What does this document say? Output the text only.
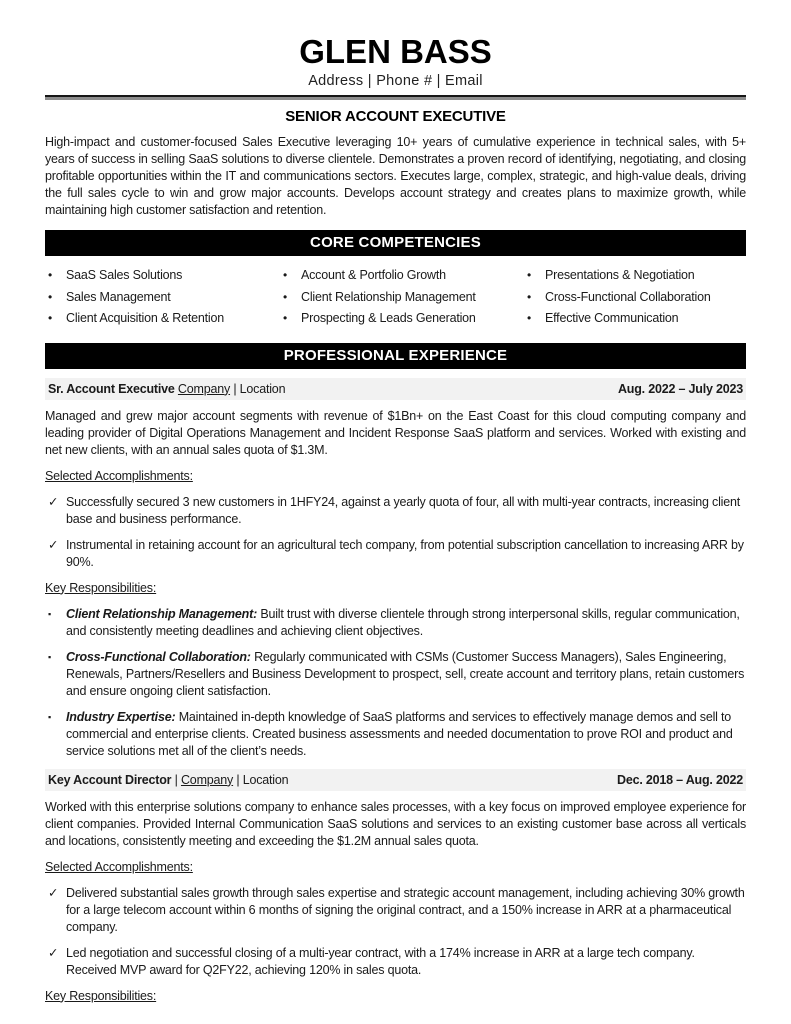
GLEN BASS
Address | Phone # | Email
SENIOR ACCOUNT EXECUTIVE

High-impact and customer-focused Sales Executive leveraging 10+ years of cumulative experience in technical sales, with 5+ years of success in selling SaaS solutions to diverse clientele. Demonstrates a proven record of identifying, negotiating, and closing profitable opportunities within the IT and communications sectors. Executes large, complex, strategic, and high-value deals, driving the full sales cycle to win and grow major accounts. Develops account strategy and creates plans to maximize growth, while maintaining high customer satisfaction and retention.

CORE COMPETENCIES
•	SaaS Sales Solutions
•	Sales Management
•	Client Acquisition & Retention
•	Account & Portfolio Growth
•	Client Relationship Management
•	Prospecting & Leads Generation
•	Presentations & Negotiation
•	Cross-Functional Collaboration
•	Effective Communication
PROFESSIONAL EXPERIENCE
Sr. Account Executive Company | Location	Aug. 2022 – July 2023

Managed and grew major account segments with revenue of $1Bn+ on the East Coast for this cloud computing company and leading provider of Digital Operations Management and Incident Response SaaS platform and services. Worked with existing and net new clients, with an annual sales quota of $1.3M.

Selected Accomplishments:
✓ Successfully secured 3 new customers in 1HFY24, against a yearly quota of four, all with multi-year contracts, increasing client base and business performance.
✓ Instrumental in retaining account for an agricultural tech company, from potential subscription cancellation to increasing ARR by 90%.
Key Responsibilities:
▪	Client Relationship Management: Built trust with diverse clientele through strong interpersonal skills, regular communication, and consistently meeting deadlines and achieving client objectives.
▪	Cross-Functional Collaboration: Regularly communicated with CSMs (Customer Success Managers), Sales Engineering, Renewals, Partners/Resellers and Business Development to prospect, sell, create account and territory plans, retain customers and ensure ongoing client satisfaction.
▪	Industry Expertise: Maintained in-depth knowledge of SaaS platforms and services to effectively manage demos and sell to commercial and enterprise clients. Created business assessments and needed documentation to prove ROI and product and service solutions met all of the client’s needs.
Key Account Director | Company | Location	Dec. 2018 – Aug. 2022

Worked with this enterprise solutions company to enhance sales processes, with a key focus on improved employee experience for client companies. Provided Internal Communication SaaS solutions and services to an existing customer base across all verticals and locations, consistently meeting and exceeding the $1.2M annual sales quota.

Selected Accomplishments:
✓ Delivered substantial sales growth through sales expertise and strategic account management, including achieving 30% growth for a large telecom account within 6 months of signing the original contract, and a 150% increase in ARR at a pharmaceutical company.
✓ Led negotiation and successful closing of a multi-year contract, with a 174% increase in ARR at a large tech company. Received MVP award for Q2FY22, achieving 120% in sales quota.
Key Responsibilities:
